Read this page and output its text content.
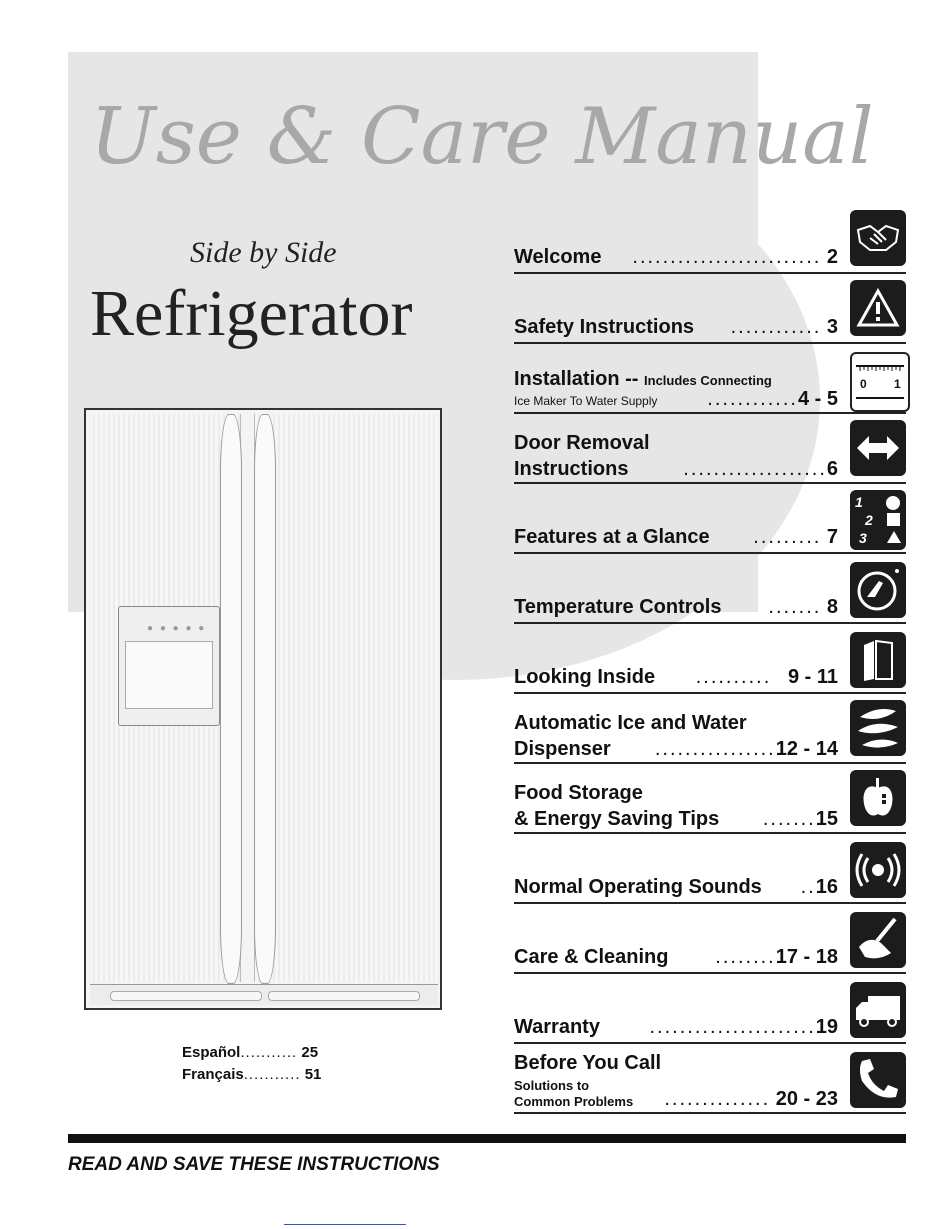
Use & Care Manual
Side by Side
Refrigerator
● ● ● ● ●
Español........... 25
Français........... 51
Welcome	......................... 2
Safety Instructions	............ 3
Installation -- Includes Connecting
Ice Maker To Water Supply	............4 - 5
0 1
Door Removal
Instructions	...................6
Features at a Glance	......... 7
1
2
3
Temperature Controls	....... 8
Looking Inside	.......... 9 - 11
Automatic Ice and Water
Dispenser	................12 - 14
Food Storage
& Energy Saving Tips	.......15
Normal Operating Sounds	..16
Care & Cleaning	........17 - 18
Warranty	......................19
Before You Call
Solutions to
Common Problems	.............. 20 - 23
READ AND SAVE THESE INSTRUCTIONS
